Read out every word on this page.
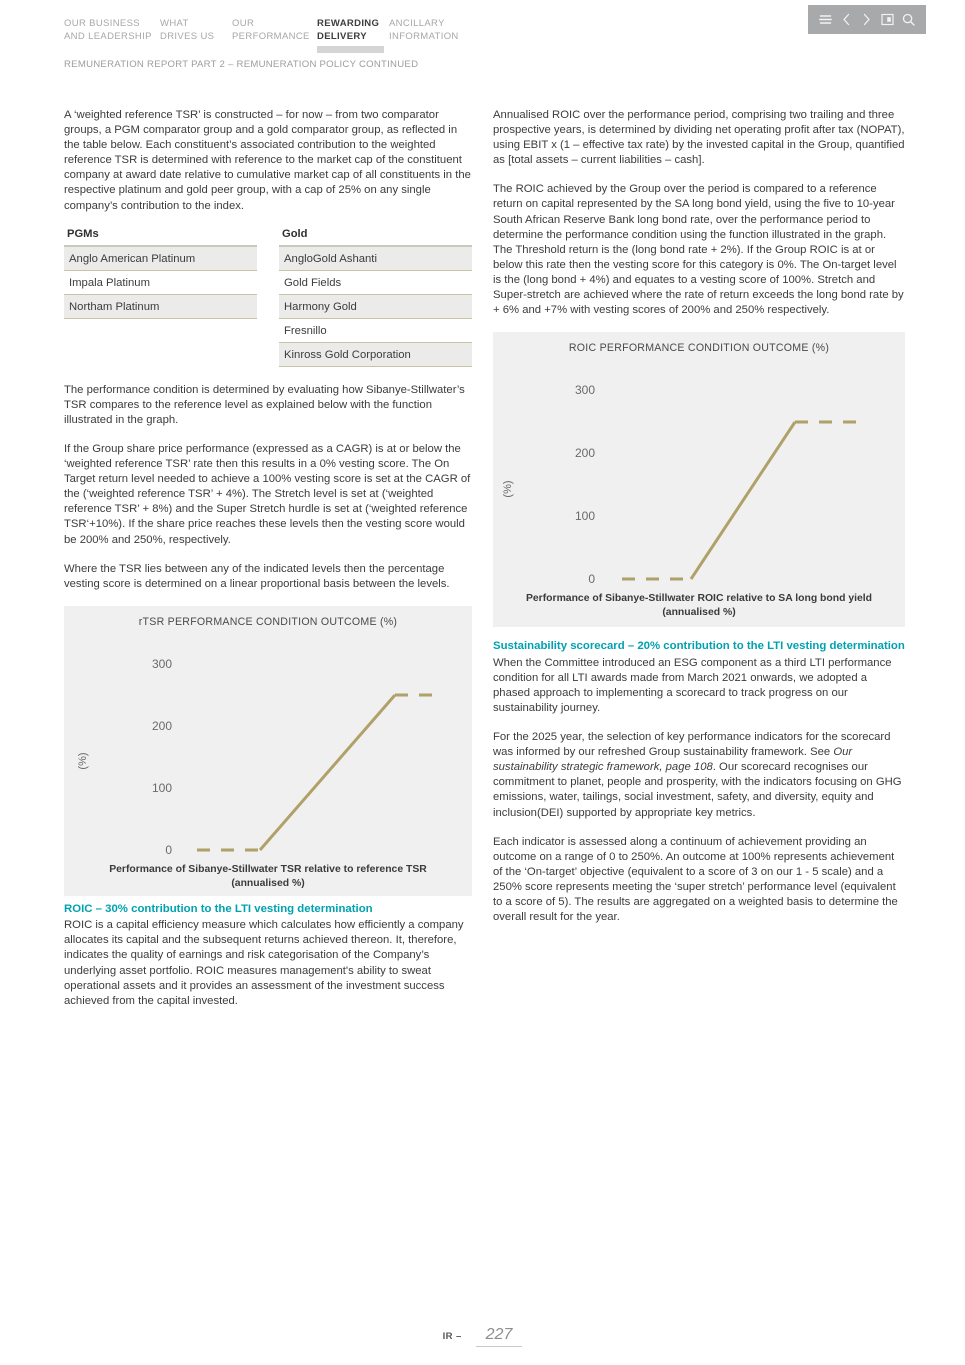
OUR BUSINESS
AND LEADERSHIP
WHAT
DRIVES US
OUR
PERFORMANCE
REWARDING
DELIVERY
ANCILLARY
INFORMATION
REMUNERATION REPORT PART 2 – REMUNERATION POLICY CONTINUED

A ‘weighted reference TSR’ is constructed – for now – from two comparator groups, a PGM comparator group and a gold comparator group, as reflected in the table below. Each constituent’s associated contribution to the weighted reference TSR is determined with reference to the market cap of the constituent company at award date relative to cumulative market cap of all constituents in the respective platinum and gold peer group, with a cap of 25% on any single company’s contribution to the index.

PGMs
Anglo American Platinum
Impala Platinum
Northam Platinum
Gold
AngloGold Ashanti
Gold Fields
Harmony Gold
Fresnillo
Kinross Gold Corporation

The performance condition is determined by evaluating how Sibanye-Stillwater’s TSR compares to the reference level as explained below with the function illustrated in the graph.

If the Group share price performance (expressed as a CAGR) is at or below the ‘weighted reference TSR’ rate then this results in a 0% vesting score. The On Target return level needed to achieve a 100% vesting score is set at the CAGR of the (‘weighted reference TSR’ + 4%). The Stretch level is set at (‘weighted reference TSR’ + 8%) and the Super Stretch hurdle is set at (‘weighted reference TSR‘+10%). If the share price reaches these levels then the vesting score would be 200% and 250%, respectively.

Where the TSR lies between any of the indicated levels then the percentage vesting score is determined on a linear proportional basis between the levels.

rTSR PERFORMANCE CONDITION OUTCOME (%)
300
200
100
0
(%)
Performance of Sibanye-Stillwater TSR relative to reference TSR (annualised %)
ROIC – 30% contribution to the LTI vesting determination

ROIC is a capital efficiency measure which calculates how efficiently a company allocates its capital and the subsequent returns achieved thereon. It, therefore, indicates the quality of earnings and risk categorisation of the Company’s underlying asset portfolio. ROIC measures management's ability to sweat operational assets and it provides an assessment of the investment success achieved from the capital invested.

Annualised ROIC over the performance period, comprising two trailing and three prospective years, is determined by dividing net operating profit after tax (NOPAT), using EBIT x (1 – effective tax rate) by the invested capital in the Group, quantified as [total assets – current liabilities – cash].

The ROIC achieved by the Group over the period is compared to a reference return on capital represented by the SA long bond yield, using the five to 10-year South African Reserve Bank long bond rate, over the performance period to determine the performance condition using the function illustrated in the graph. The Threshold return is the (long bond rate + 2%). If the Group ROIC is at or below this rate then the vesting score for this category is 0%. The On-target level is the (long bond + 4%) and equates to a vesting score of 100%. Stretch and Super-stretch are achieved where the rate of return exceeds the long bond rate by + 6% and +7% with vesting scores of 200% and 250% respectively.

ROIC PERFORMANCE CONDITION OUTCOME (%)
300
200
100
0
(%)
Performance of Sibanye-Stillwater ROIC relative to SA long bond yield (annualised %)
Sustainability scorecard – 20% contribution to the LTI vesting determination

When the Committee introduced an ESG component as a third LTI performance condition for all LTI awards made from March 2021 onwards, we adopted a phased approach to implementing a scorecard to track progress on our sustainability journey.

For the 2025 year, the selection of key performance indicators for the scorecard was informed by our refreshed Group sustainability framework. See Our sustainability strategic framework, page 108. Our scorecard recognises our commitment to planet, people and prosperity, with the indicators focusing on GHG emissions, water, tailings, social investment, safety, and diversity, equity and inclusion(DEI) supported by appropriate key metrics.

Each indicator is assessed along a continuum of achievement providing an outcome on a range of 0 to 250%. An outcome at 100% represents achievement of the ‘On-target’ objective (equivalent to a score of 3 on our 1 - 5 scale) and a 250% score represents meeting the ‘super stretch’ performance level (equivalent to a score of 5). The results are aggregated on a weighted basis to determine the overall result for the year.

IR –	227
